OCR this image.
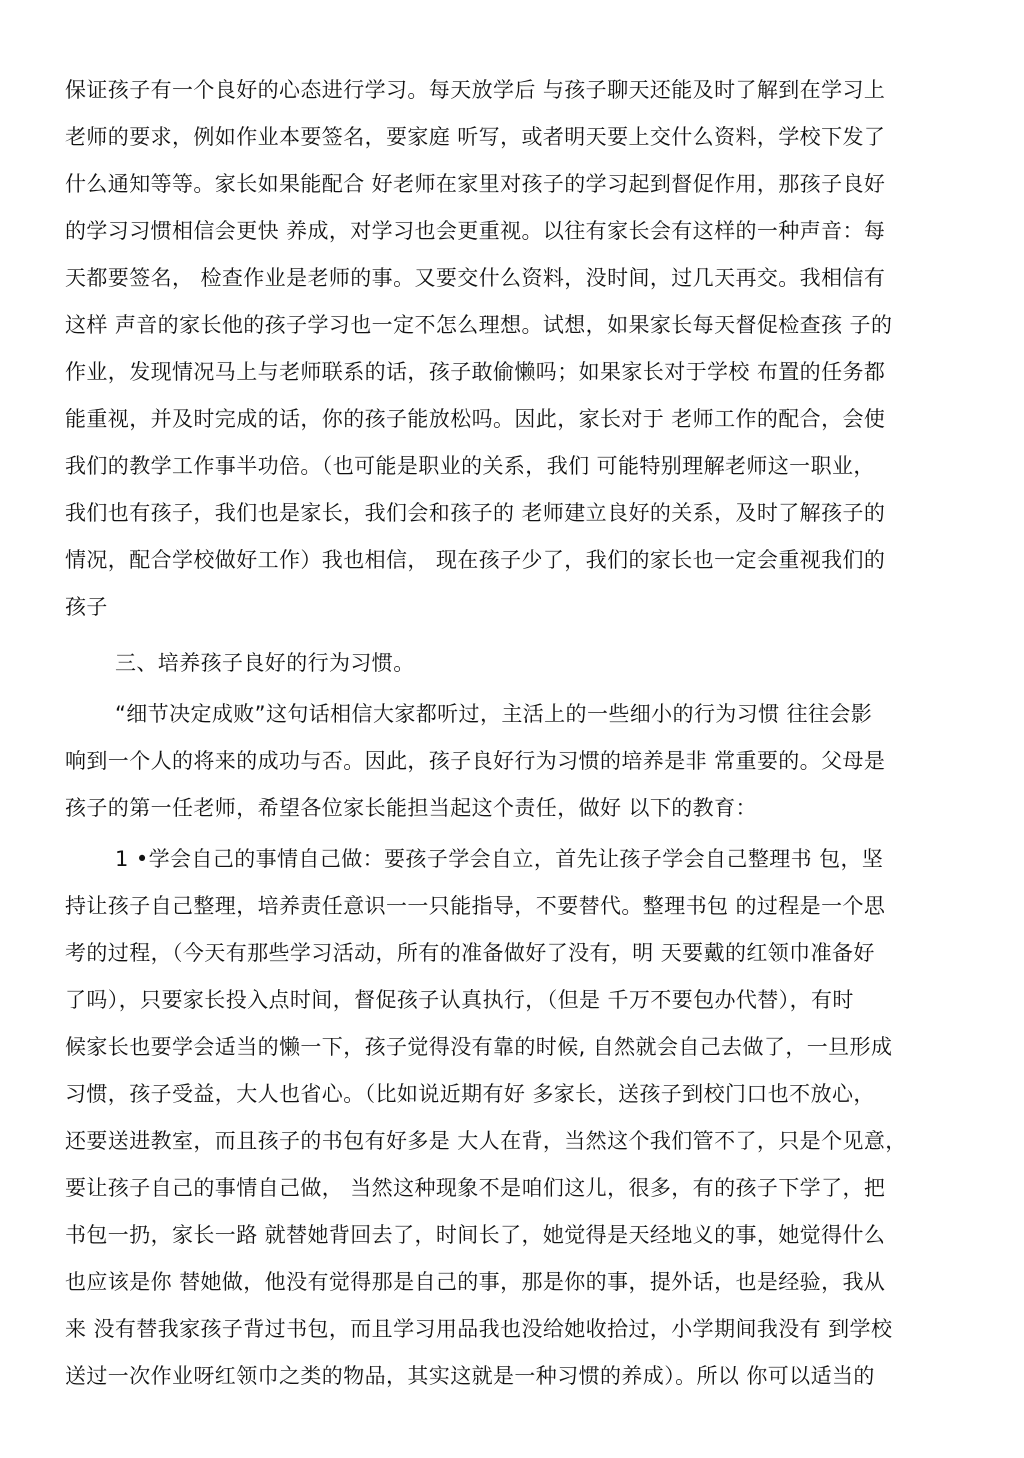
保证孩子有一个良好的心态进行学习。每天放学后 与孩子聊天还能及时了解到在学习上
老师的要求，例如作业本要签名，要家庭 听写，或者明天要上交什么资料，学校下发了
什么通知等等。家长如果能配合 好老师在家里对孩子的学习起到督促作用，那孩子良好
的学习习惯相信会更快 养成，对学习也会更重视。以往有家长会有这样的一种声音：每
天都要签名， 检查作业是老师的事。又要交什么资料，没时间，过几天再交。我相信有
这样 声音的家长他的孩子学习也一定不怎么理想。试想，如果家长每天督促检查孩 子的
作业，发现情况马上与老师联系的话，孩子敢偷懒吗；如果家长对于学校 布置的任务都
能重视，并及时完成的话，你的孩子能放松吗。因此，家长对于 老师工作的配合，会使
我们的教学工作事半功倍。（也可能是职业的关系，我们 可能特别理解老师这一职业，
我们也有孩子，我们也是家长，我们会和孩子的 老师建立良好的关系，及时了解孩子的
情况，配合学校做好工作）我也相信， 现在孩子少了，我们的家长也一定会重视我们的
孩子
三、培养孩子良好的行为习惯。
“细节决定成败”这句话相信大家都听过，主活上的一些细小的行为习惯 往往会影
响到一个人的将来的成功与否。因此，孩子良好行为习惯的培养是非 常重要的。父母是
孩子的第一任老师，希望各位家长能担当起这个责任，做好 以下的教育：
1 •学会自己的事情自己做：要孩子学会自立，首先让孩子学会自己整理书 包，坚
持让孩子自己整理，培养责任意识一一只能指导，不要替代。整理书包 的过程是一个思
考的过程，（今天有那些学习活动，所有的准备做好了没有，明 天要戴的红领巾准备好
了吗），只要家长投入点时间，督促孩子认真执行，（但是 千万不要包办代替），有时
候家长也要学会适当的懒一下，孩子觉得没有靠的时候, 自然就会自己去做了，一旦形成
习惯，孩子受益，大人也省心。（比如说近期有好 多家长，送孩子到校门口也不放心，
还要送进教室，而且孩子的书包有好多是 大人在背，当然这个我们管不了，只是个见意，
要让孩子自己的事情自己做， 当然这种现象不是咱们这儿，很多，有的孩子下学了，把
书包一扔，家长一路 就替她背回去了，时间长了，她觉得是天经地义的事，她觉得什么
也应该是你 替她做，他没有觉得那是自己的事，那是你的事，提外话，也是经验，我从
来 没有替我家孩子背过书包，而且学习用品我也没给她收拾过，小学期间我没有 到学校
送过一次作业呀红领巾之类的物品，其实这就是一种习惯的养成）。所以 你可以适当的
